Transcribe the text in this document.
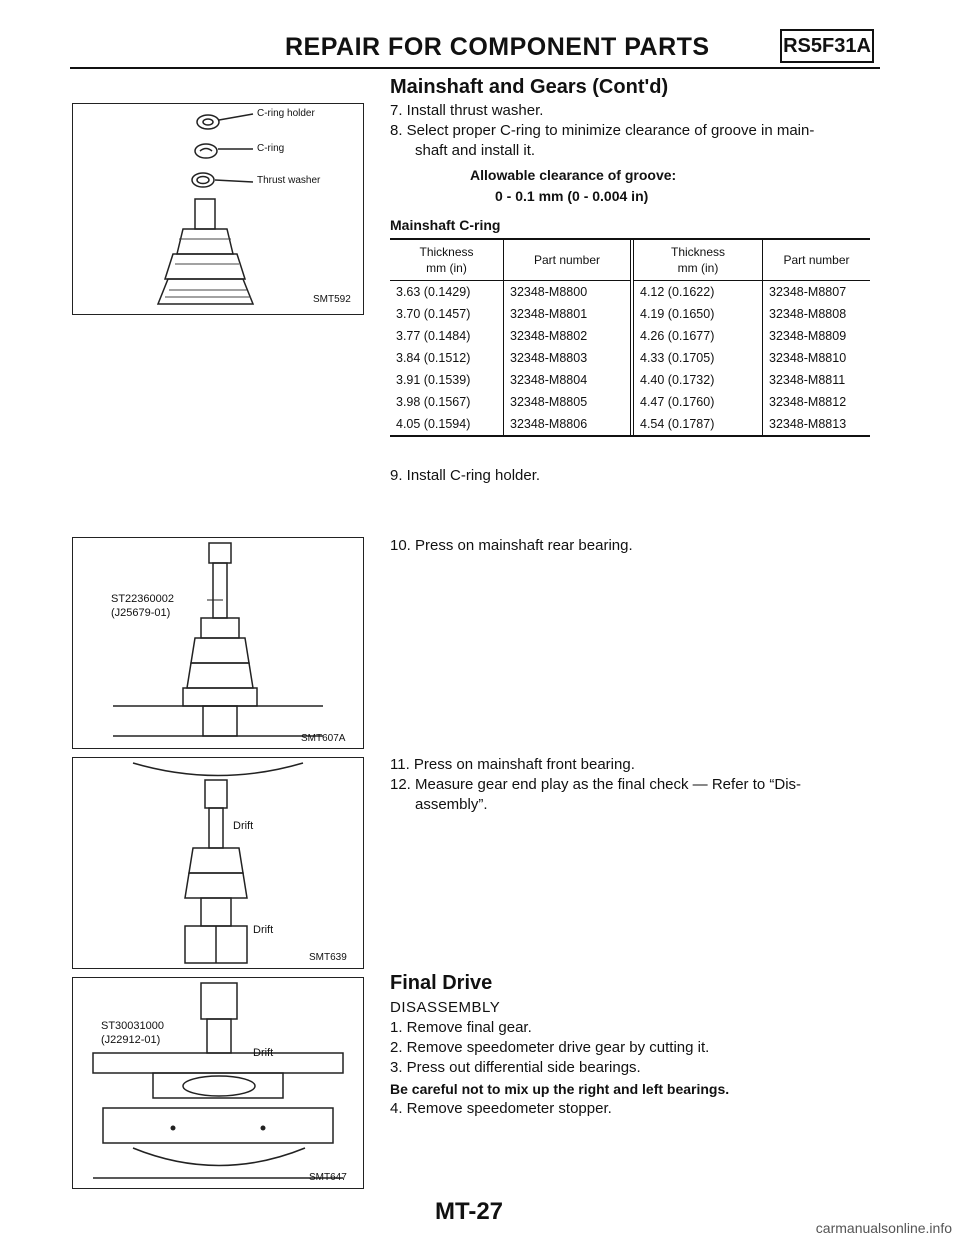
REPAIR FOR COMPONENT PARTS	RS5F31A
C-ring holder
C-ring
Thrust washer
SMT592
ST22360002
(J25679-01)
SMT607A
Drift
Drift
SMT639
ST30031000
(J22912-01)
Drift
SMT647
Mainshaft and Gears (Cont'd)
7. Install thrust washer.
8. Select proper C-ring to minimize clearance of groove in main-
shaft and install it.
Allowable clearance of groove:
0 - 0.1 mm (0 - 0.004 in)
Mainshaft C-ring
Thickness
mm (in)	Part number	Thickness
mm (in)	Part number
3.63 (0.1429)	32348-M8800	4.12 (0.1622)	32348-M8807
3.70 (0.1457)	32348-M8801	4.19 (0.1650)	32348-M8808
3.77 (0.1484)	32348-M8802	4.26 (0.1677)	32348-M8809
3.84 (0.1512)	32348-M8803	4.33 (0.1705)	32348-M8810
3.91 (0.1539)	32348-M8804	4.40 (0.1732)	32348-M8811
3.98 (0.1567)	32348-M8805	4.47 (0.1760)	32348-M8812
4.05 (0.1594)	32348-M8806	4.54 (0.1787)	32348-M8813
9. Install C-ring holder.
10. Press on mainshaft rear bearing.
11. Press on mainshaft front bearing.
12. Measure gear end play as the final check — Refer to “Dis-
assembly”.
Final Drive
DISASSEMBLY
1. Remove final gear.
2. Remove speedometer drive gear by cutting it.
3. Press out differential side bearings.
Be careful not to mix up the right and left bearings.
4. Remove speedometer stopper.
MT-27
carmanualsonline.info
